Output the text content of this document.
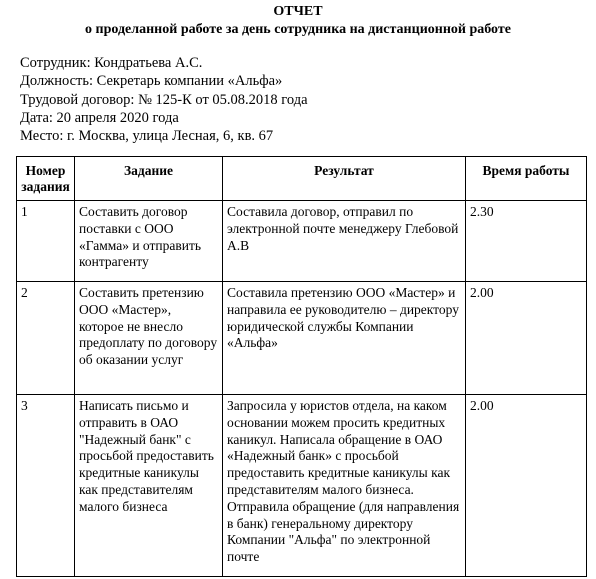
ОТЧЕТ
о проделанной работе за день сотрудника на дистанционной работе
Сотрудник: Кондратьева А.С.
Должность: Секретарь компании «Альфа»
Трудовой договор: № 125-К от 05.08.2018 года
Дата: 20 апреля 2020 года
Место: г. Москва, улица Лесная, 6, кв. 67
Номер задания	Задание	Результат	Время работы
1	Составить договор поставки с ООО «Гамма» и отправить контрагенту	Составила договор, отправил по электронной почте менеджеру Глебовой А.В	2.30
2	Составить претензию ООО «Мастер», которое не внесло предоплату по договору об оказании услуг	Составила претензию ООО «Мастер» и направила ее руководителю – директору юридической службы Компании «Альфа»	2.00
3	Написать письмо и отправить в ОАО "Надежный банк" с просьбой предоставить кредитные каникулы как представителям малого бизнеса	Запросила у юристов отдела, на каком основании можем просить кредитных каникул. Написала обращение в ОАО «Надежный банк» с просьбой предоставить кредитные каникулы как представителям малого бизнеса. Отправила обращение (для направления в банк) генеральному директору Компании "Альфа" по электронной почте	2.00
